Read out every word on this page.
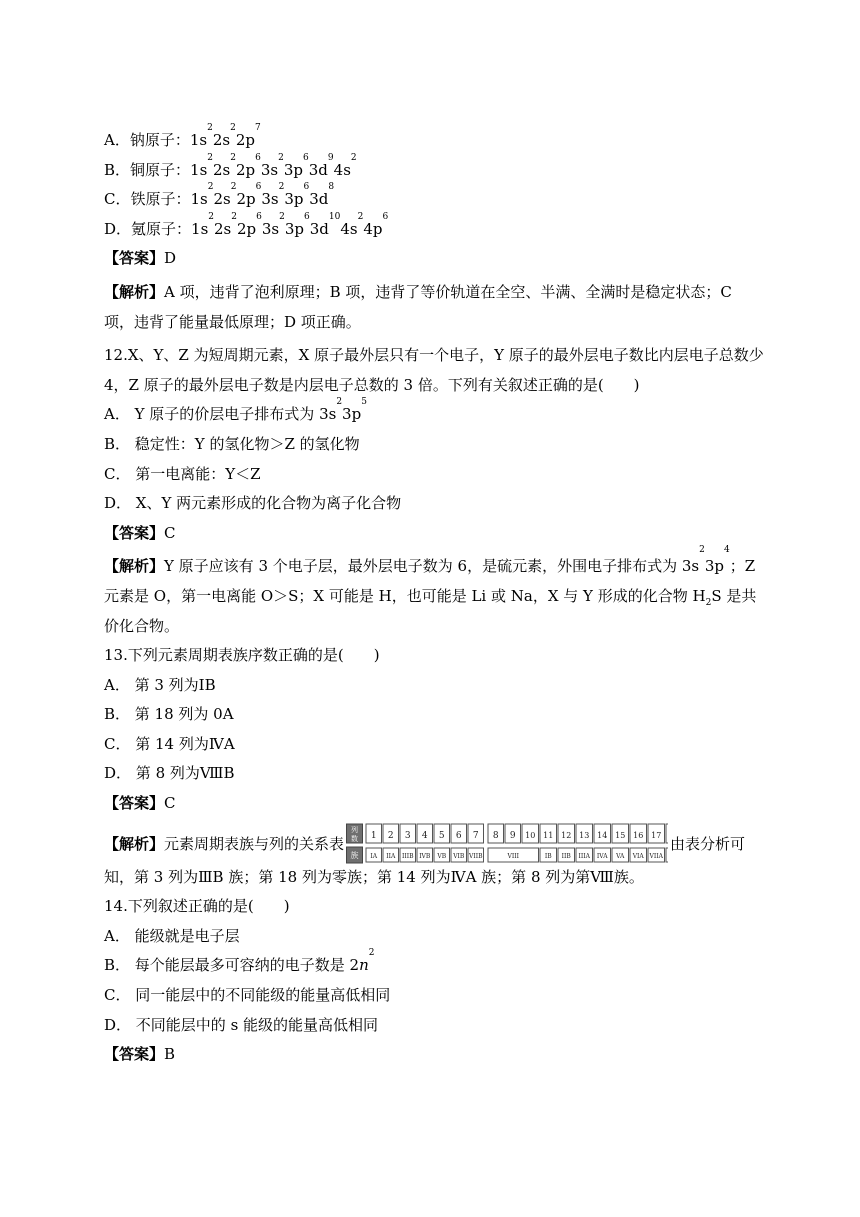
A．钠原子：$1s^22s^22p^7$
B．铜原子：$1s^22s^22p^63s^23p^63d^94s^2$
C．铁原子：$1s^22s^22p^63s^23p^63d^8$
D．氪原子：$1s^22s^22p^63s^23p^63d^{10}4s^24p^6$
【答案】D
【解析】A 项，违背了泡利原理；B 项，违背了等价轨道在全空、半满、全满时是稳定状态；C 项，违背了能量最低原理；D 项正确。
12.X、Y、Z 为短周期元素，X 原子最外层只有一个电子，Y 原子的最外层电子数比内层电子总数少 4，Z 原子的最外层电子数是内层电子总数的 3 倍。下列有关叙述正确的是(　　)
A． Y 原子的价层电子排布式为 $3s^23p^5$
B． 稳定性：Y 的氢化物＞Z 的氢化物
C． 第一电离能：Y＜Z
D． X、Y 两元素形成的化合物为离子化合物
【答案】C
【解析】Y 原子应该有 3 个电子层，最外层电子数为 6，是硫元素，外围电子排布式为 $3s^23p^4$；Z 元素是 O，第一电离能 O＞S；X 可能是 H，也可能是 Li 或 Na，X 与 Y 形成的化合物 $H_2S$ 是共价化合物。
13.下列元素周期表族序数正确的是(　　)
A． 第 3 列为ⅠB
B． 第 18 列为 0A
C． 第 14 列为ⅣA
D． 第 8 列为ⅧB
【答案】C
【解析】元素周期表族与列的关系表
列
数
族
1 2 3 4 5 6 7 8 9 10 11 12 13 14 15 16 17
IA IIA IIIB IVB VB VIB VIIB	VIII	IB IIB IIIA IVA VA VIA VIIA
由表分析可
知，第 3 列为ⅢB 族；第 18 列为零族；第 14 列为ⅣA 族；第 8 列为第Ⅷ族。
14.下列叙述正确的是(　　)
A． 能级就是电子层
B． 每个能层最多可容纳的电子数是 $2n^2$
C． 同一能层中的不同能级的能量高低相同
D． 不同能层中的 s 能级的能量高低相同
【答案】B
